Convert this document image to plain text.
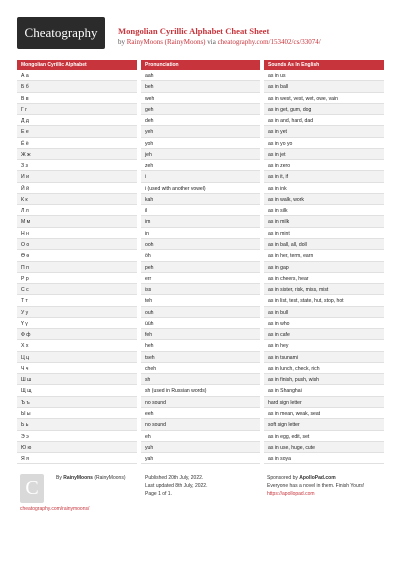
Cheatography	Mongolian Cyrillic Alphabet Cheat Sheet
by RainyMoons (RainyMoons) via cheatography.com/153402/cs/33074/
Mongolian Cyrillic Alphabet
А а
Б б
В в
Г г
Д д
Е е
Ё ё
Ж ж
З з
И и
Й й
К к
Л л
М м
Н н
О о
Ө ө
П п
Р р
С с
Т т
У у
Ү ү
Ф ф
Х х
Ц ц
Ч ч
Ш ш
Щ щ
Ъ ъ
Ы ы
Ь ь
Э э
Ю ю
Я я
Pronunciation
aah
beh
weh
geh
deh
yeh
yoh
jeh
zeh
i
i (used with another vowel)
kah
il
im
in
ooh
öh
peh
err
iss
teh
ouh
üüh
feh
heh
tseh
cheh
sh
sh (used in Russian words)
no sound
eeh
no sound
eh
yuh
yah
Sounds As In English
as in us
as in ball
as in west, vest, wet, owe, vain
as in get, gum, dog
as in and, hard, dad
as in yet
as in yo yo
as in jet
as in zero
as in it, if
as in ink
as in walk, work
as in silk
as in milk
as in mint
as in ball, all, doll
as in her, term, earn
as in gap
as in cheers, hear
as in sister, risk, miss, mist
as in list, test, state, hut, stop, hot
as in bull
as in who
as in cafe
as in hey
as in tsunami
as in lunch, check, rich
as in finish, push, wish
as in Shanghai
hard sign letter
as in mean, weak, seat
soft sign letter
as in egg, edit, set
as in use, huge, cute
as in soya
C	By RainyMoons (RainyMoons)
cheatography.com/rainymoons/
Published 20th July, 2022.
Last updated 8th July, 2022.
Page 1 of 1.
Sponsored by ApolloPad.com
Everyone has a novel in them. Finish Yours!
https://apollopad.com
